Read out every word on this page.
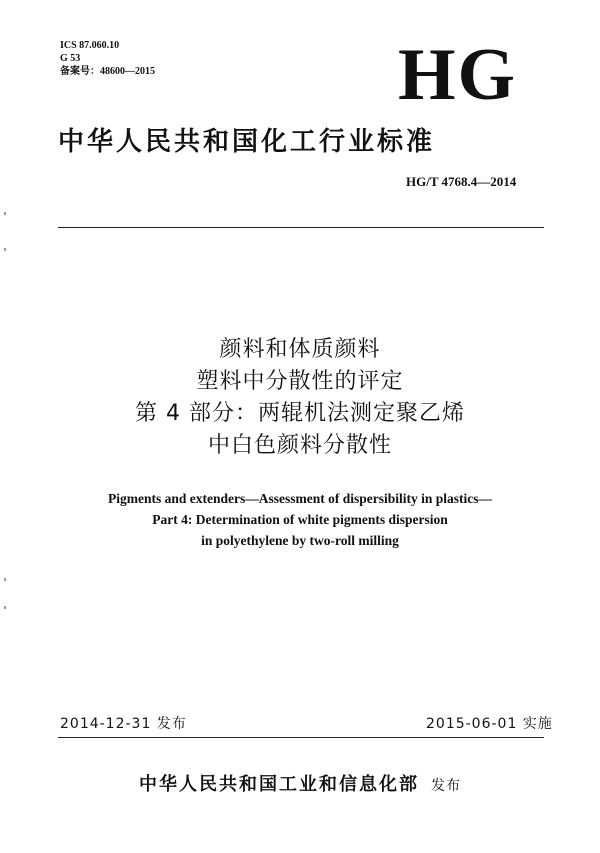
ICS 87.060.10
G 53
备案号：48600—2015	HG
中华人民共和国化工行业标准
HG/T 4768.4—2014
颜料和体质颜料
塑料中分散性的评定
第 4 部分：两辊机法测定聚乙烯
中白色颜料分散性
Pigments and extenders—Assessment of dispersibility in plastics—
Part 4: Determination of white pigments dispersion
in polyethylene by two-roll milling
2014-12-31 发布	2015-06-01 实施
中华人民共和国工业和信息化部 发布
